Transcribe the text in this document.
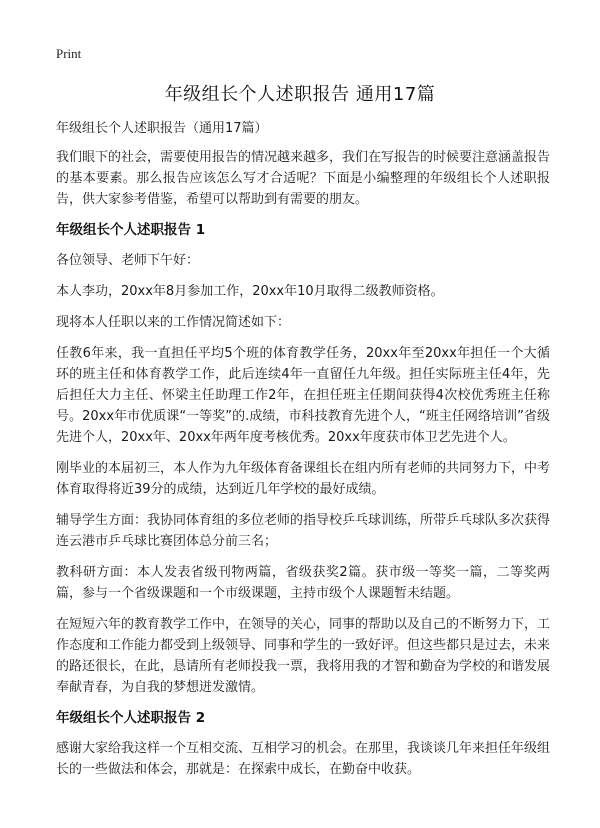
Print
年级组长个人述职报告 通用17篇

年级组长个人述职报告（通用17篇）

我们眼下的社会，需要使用报告的情况越来越多，我们在写报告的时候要注意涵盖报告的基本要素。那么报告应该怎么写才合适呢？下面是小编整理的年级组长个人述职报告，供大家参考借鉴，希望可以帮助到有需要的朋友。

年级组长个人述职报告 1

各位领导、老师下午好：

本人李功，20xx年8月参加工作，20xx年10月取得二级教师资格。

现将本人任职以来的工作情况简述如下：

任教6年来，我一直担任平均5个班的体育教学任务，20xx年至20xx年担任一个大循环的班主任和体育教学工作，此后连续4年一直留任九年级。担任实际班主任4年，先后担任大力主任、怀梁主任助理工作2年，在担任班主任期间获得4次校优秀班主任称号。20xx年市优质课“一等奖”的.成绩，市科技教育先进个人，“班主任网络培训”省级先进个人，20xx年、20xx年两年度考核优秀。20xx年度获市体卫艺先进个人。

刚毕业的本届初三，本人作为九年级体育备课组长在组内所有老师的共同努力下，中考体育取得将近39分的成绩，达到近几年学校的最好成绩。

辅导学生方面：我协同体育组的多位老师的指导校乒乓球训练，所带乒乓球队多次获得连云港市乒乓球比赛团体总分前三名；

教科研方面：本人发表省级刊物两篇，省级获奖2篇。获市级一等奖一篇，二等奖两篇，参与一个省级课题和一个市级课题，主持市级个人课题暂未结题。

在短短六年的教育教学工作中，在领导的关心，同事的帮助以及自己的不断努力下，工作态度和工作能力都受到上级领导、同事和学生的一致好评。但这些都只是过去，未来的路还很长，在此，恳请所有老师投我一票，我将用我的才智和勤奋为学校的和谐发展奉献青春，为自我的梦想迸发激情。

年级组长个人述职报告 2

感谢大家给我这样一个互相交流、互相学习的机会。在那里，我谈谈几年来担任年级组长的一些做法和体会，那就是：在探索中成长，在勤奋中收获。
